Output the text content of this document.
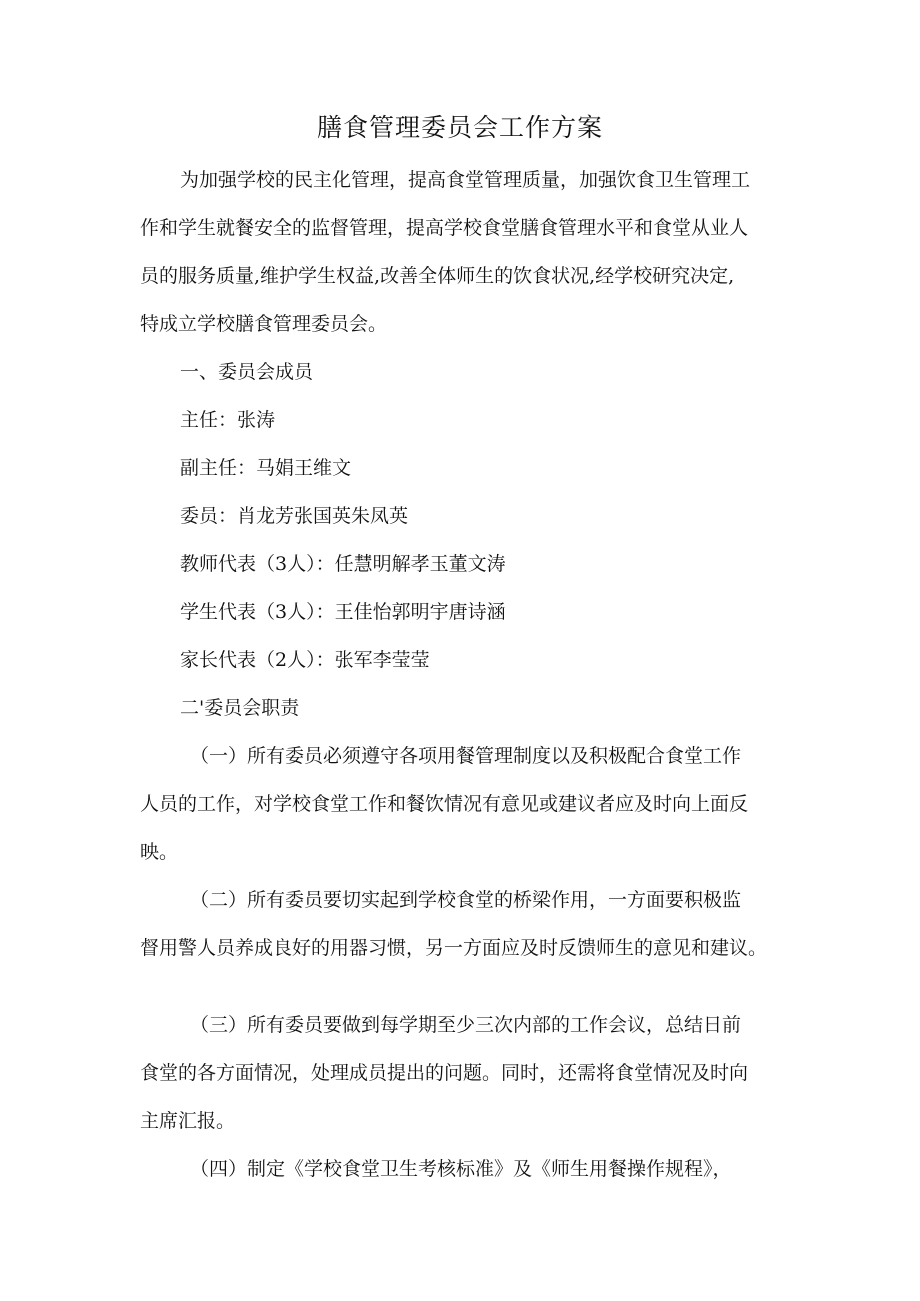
膳食管理委员会工作方案

为加强学校的民主化管理，提高食堂管理质量，加强饮食卫生管理工

作和学生就餐安全的监督管理，提高学校食堂膳食管理水平和食堂从业人

员的服务质量,维护学生权益,改善全体师生的饮食状况,经学校研究决定,

特成立学校膳食管理委员会。

一、委员会成员

主任：张涛

副主任：马娟王维文

委员：肖龙芳张国英朱凤英

教师代表（3人）：任慧明解孝玉董文涛

学生代表（3人）：王佳怡郭明宇唐诗涵

家长代表（2人）：张军李莹莹

二'委员会职责

（一）所有委员必须遵守各项用餐管理制度以及积极配合食堂工作

人员的工作，对学校食堂工作和餐饮情况有意见或建议者应及时向上面反

映。

（二）所有委员要切实起到学校食堂的桥梁作用，一方面要积极监

督用警人员养成良好的用器习惯，另一方面应及时反馈师生的意见和建议。

（三）所有委员要做到每学期至少三次内部的工作会议，总结日前

食堂的各方面情况，处理成员提出的问题。同时，还需将食堂情况及时向

主席汇报。

（四）制定《学校食堂卫生考核标准》及《师生用餐操作规程》，
